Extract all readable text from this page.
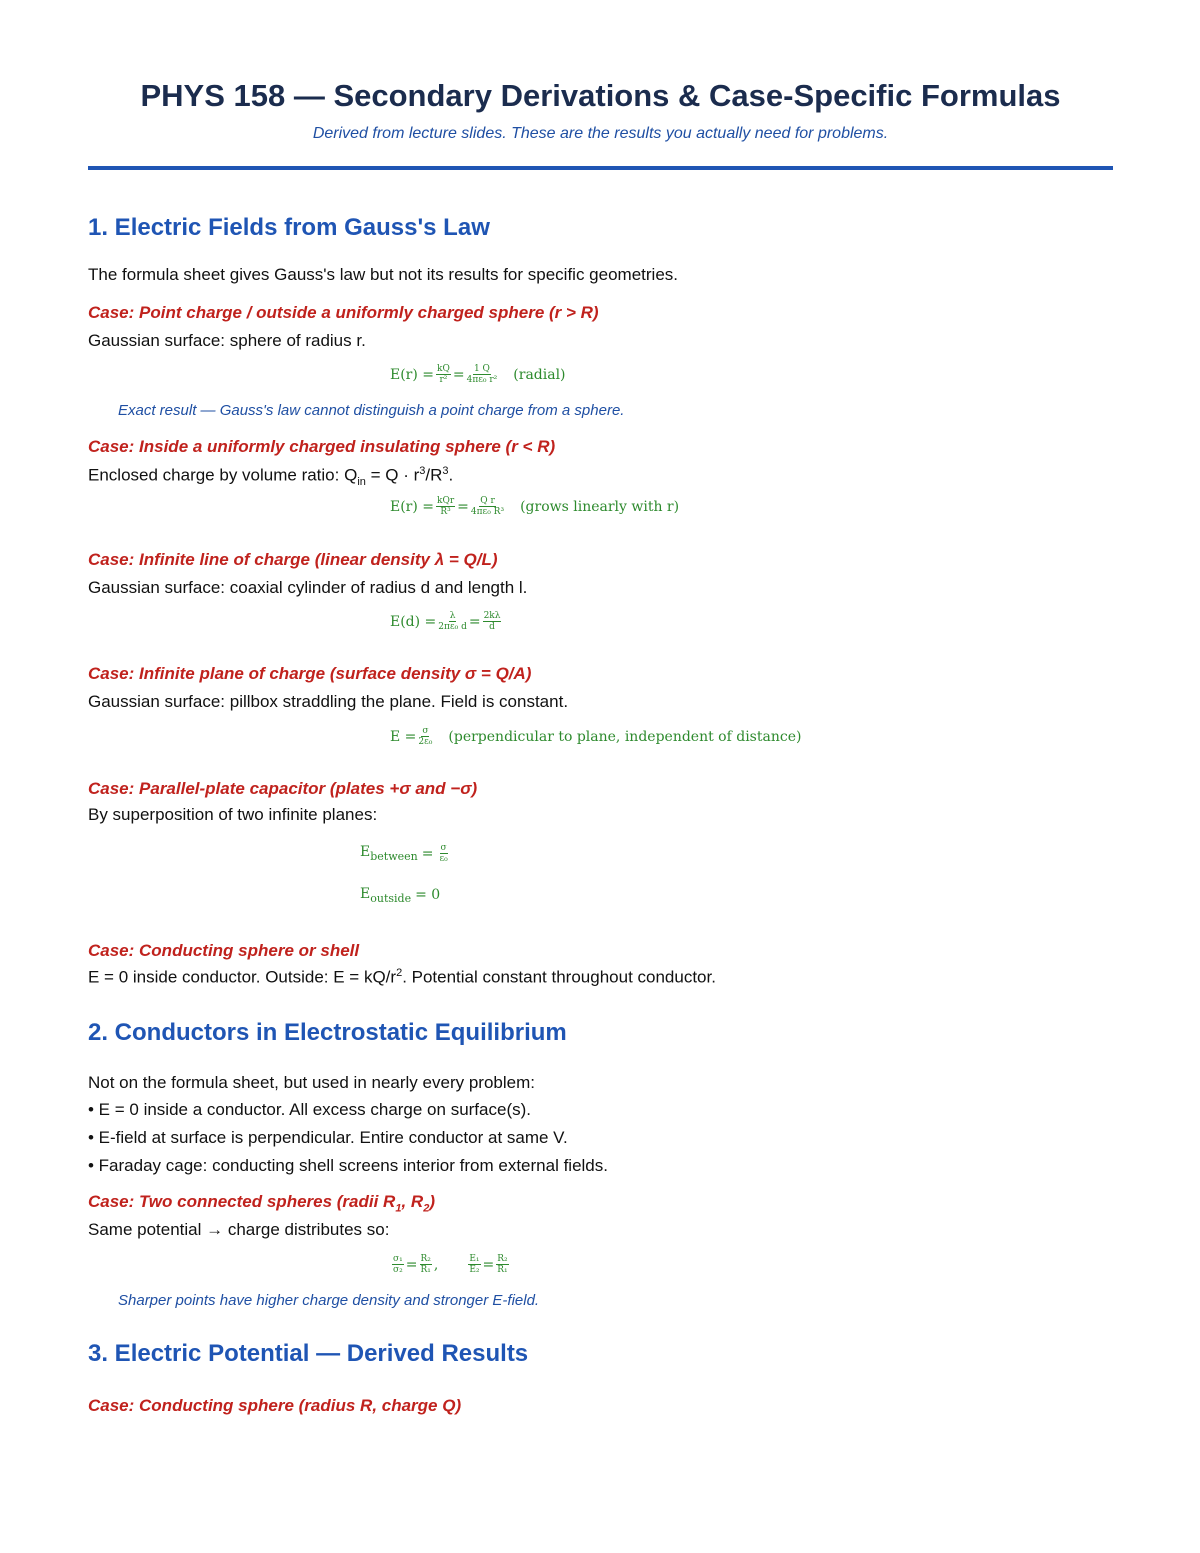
PHYS 158 — Secondary Derivations & Case-Specific Formulas
Derived from lecture slides. These are the results you actually need for problems.
1. Electric Fields from Gauss's Law
The formula sheet gives Gauss's law but not its results for specific geometries.
Case: Point charge / outside a uniformly charged sphere (r > R)
Gaussian surface: sphere of radius r.
$E(r) = \frac{kQ}{\text{r²}} = \frac{1 Q}{\text{4πε₀ r²}}$ (radial)
Exact result — Gauss's law cannot distinguish a point charge from a sphere.
Case: Inside a uniformly charged insulating sphere (r < R)
Enclosed charge by volume ratio: $Q_{in} = Q \cdot r^3/R^3$.
$E(r) = \frac{\text{kQr}}{\text{R³}} = \frac{\text{Q r}}{\text{4πε₀ R³}}$ (grows linearly with r)
Case: Infinite line of charge (linear density λ = Q/L)
Gaussian surface: coaxial cylinder of radius d and length l.
$E(d) = \frac{\lambda}{\text{2πε₀ d}} = \frac{2k\lambda}{d}$
Case: Infinite plane of charge (surface density σ = Q/A)
Gaussian surface: pillbox straddling the plane. Field is constant.
$E = \frac{\sigma}{\text{2ε₀}}$ (perpendicular to plane, independent of distance)
Case: Parallel-plate capacitor (plates +σ and −σ)
By superposition of two infinite planes:
$E_{between} = \frac{\sigma}{\text{ε₀}}$
$E_{outside} = 0$
Case: Conducting sphere or shell
E = 0 inside conductor. Outside: $E = kQ/r^2$. Potential constant throughout conductor.
2. Conductors in Electrostatic Equilibrium
Not on the formula sheet, but used in nearly every problem:
• E = 0 inside a conductor. All excess charge on surface(s).
• E-field at surface is perpendicular. Entire conductor at same V.
• Faraday cage: conducting shell screens interior from external fields.
Case: Two connected spheres (radii $R_1$, $R_2$)
Same potential → charge distributes so:
$\frac{\text{σ₁}}{\text{σ₂}} = \frac{\text{R₂}}{\text{R₁}}$ ,	$\frac{\text{E₁}}{\text{E₂}} = \frac{\text{R₂}}{\text{R₁}}$
Sharper points have higher charge density and stronger E-field.
3. Electric Potential — Derived Results
Case: Conducting sphere (radius R, charge Q)
